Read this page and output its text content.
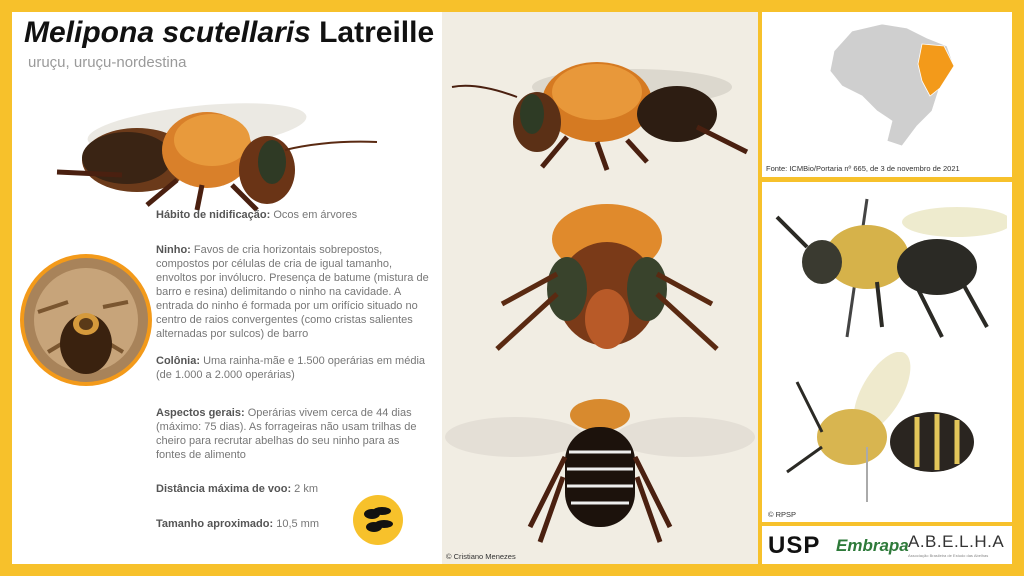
Melipona scutellaris Latreille
uruçu, uruçu-nordestina
Hábito de nidificação: Ocos em árvores
Ninho: Favos de cria horizontais sobrepostos, compostos por células de cria de igual tamanho, envoltos por invólucro. Presença de batume (mistura de barro e resina) delimitando o ninho na cavidade. A entrada do ninho é formada por um orifício situado no centro de raios convergentes (como cristas salientes alternadas por sulcos) de barro
Colônia: Uma rainha-mãe e 1.500 operárias em média (de 1.000 a 2.000 operárias)
Aspectos gerais: Operárias vivem cerca de 44 dias (máximo: 75 dias). As forrageiras não usam trilhas de cheiro para recrutar abelhas do seu ninho para as fontes de alimento
Distância máxima de voo: 2 km
Tamanho aproximado: 10,5 mm
© Cristiano Menezes
Fonte: ICMBio/Portaria nº 665, de 3 de novembro de 2021
© RPSP
USP Embrapa A.B.E.L.H.A
Associação Brasileira de Estudo das Abelhas
